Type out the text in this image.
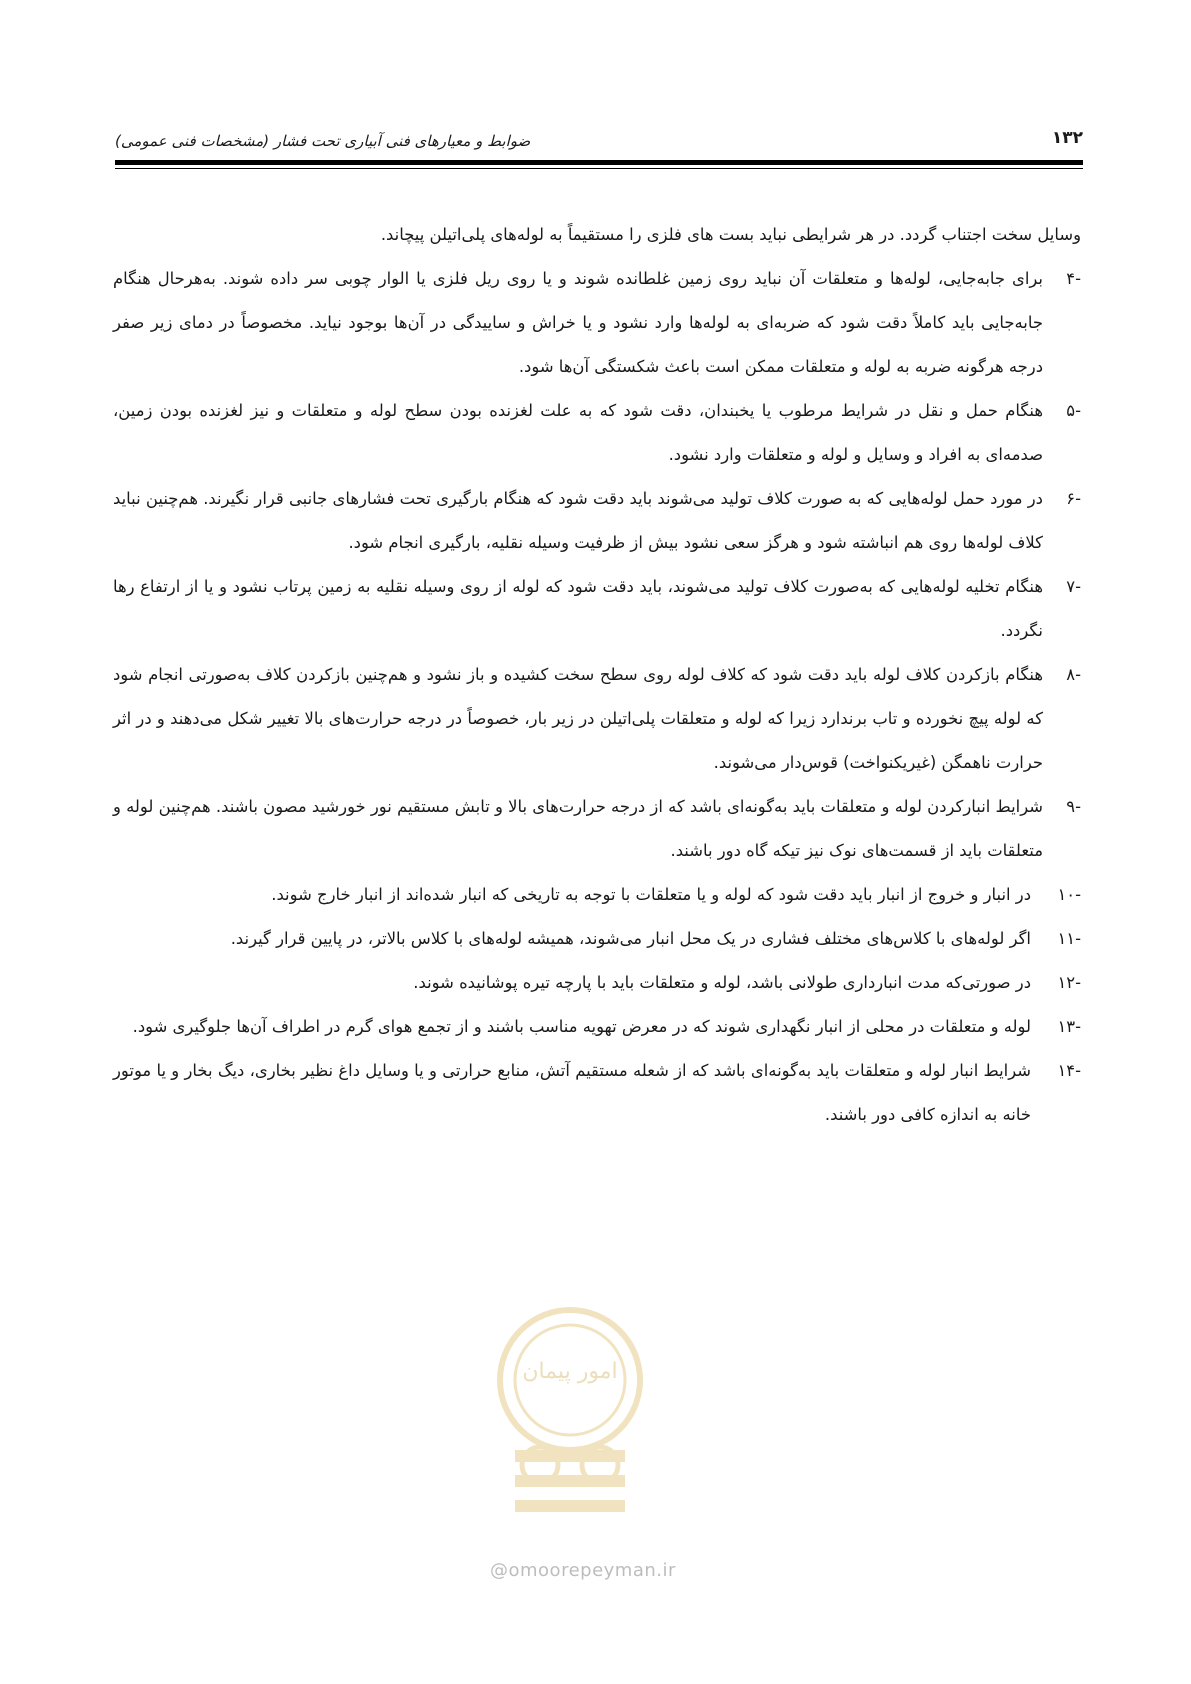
۱۳۲
ضوابط و معیارهای فنی آبیاری تحت فشار (مشخصات فنی عمومی)

وسایل سخت اجتناب گردد. در هر شرایطی نباید بست های فلزی را مستقیماً به لوله‌های پلی‌اتیلن پیچاند.

-۴
برای جابه‌جایی، لوله‌ها و متعلقات آن نباید روی زمین غلطانده شوند و یا روی ریل فلزی یا الوار چوبی سر داده شوند. به‌هرحال هنگام جابه‌جایی باید کاملاً دقت شود که ضربه‌ای به لوله‌ها وارد نشود و یا خراش و ساییدگی در آن‌ها بوجود نیاید. مخصوصاً در دمای زیر صفر درجه هرگونه ضربه به لوله و متعلقات ممکن است باعث شکستگی آن‌ها شود.
-۵
هنگام حمل و نقل در شرایط مرطوب یا یخبندان، دقت شود که به علت لغزنده بودن سطح لوله و متعلقات و نیز لغزنده بودن زمین، صدمه‌ای به افراد و وسایل و لوله و متعلقات وارد نشود.
-۶
در مورد حمل لوله‌هایی که به صورت کلاف تولید می‌شوند باید دقت شود که هنگام بارگیری تحت فشارهای جانبی قرار نگیرند. هم‌چنین نباید کلاف لوله‌ها روی هم انباشته شود و هرگز سعی نشود بیش از ظرفیت وسیله نقلیه، بارگیری انجام شود.
-۷
هنگام تخلیه لوله‌هایی که به‌صورت کلاف تولید می‌شوند، باید دقت شود که لوله از روی وسیله نقلیه به زمین پرتاب نشود و یا از ارتفاع رها نگردد.
-۸
هنگام بازکردن کلاف لوله باید دقت شود که کلاف لوله روی سطح سخت کشیده و باز نشود و هم‌چنین بازکردن کلاف به‌صورتی انجام شود که لوله پیچ نخورده و تاب برندارد زیرا که لوله و متعلقات پلی‌اتیلن در زیر بار، خصوصاً در درجه حرارت‌های بالا تغییر شکل می‌دهند و در اثر حرارت ناهمگن (غیریکنواخت) قوس‌دار می‌شوند.
-۹
شرایط انبارکردن لوله و متعلقات باید به‌گونه‌ای باشد که از درجه حرارت‌های بالا و تابش مستقیم نور خورشید مصون باشند. هم‌چنین لوله و متعلقات باید از قسمت‌های نوک نیز تیکه گاه دور باشند.
-۱۰
در انبار و خروج از انبار باید دقت شود که لوله و یا متعلقات با توجه به تاریخی که انبار شده‌اند از انبار خارج شوند.
-۱۱
اگر لوله‌های با کلاس‌های مختلف فشاری در یک محل انبار می‌شوند، همیشه لوله‌های با کلاس بالاتر، در پایین قرار گیرند.
-۱۲
در صورتی‌که مدت انبارداری طولانی باشد، لوله و متعلقات باید با پارچه تیره پوشانیده شوند.
-۱۳
لوله و متعلقات در محلی از انبار نگهداری شوند که در معرض تهویه مناسب باشند و از تجمع هوای گرم در اطراف آن‌ها جلوگیری شود.
-۱۴
شرایط انبار لوله و متعلقات باید به‌گونه‌ای باشد که از شعله مستقیم آتش، منابع حرارتی و یا وسایل داغ نظیر بخاری، دیگ بخار و یا موتور خانه به اندازه کافی دور باشند.
امور پیمان
@omoorepeyman.ir
